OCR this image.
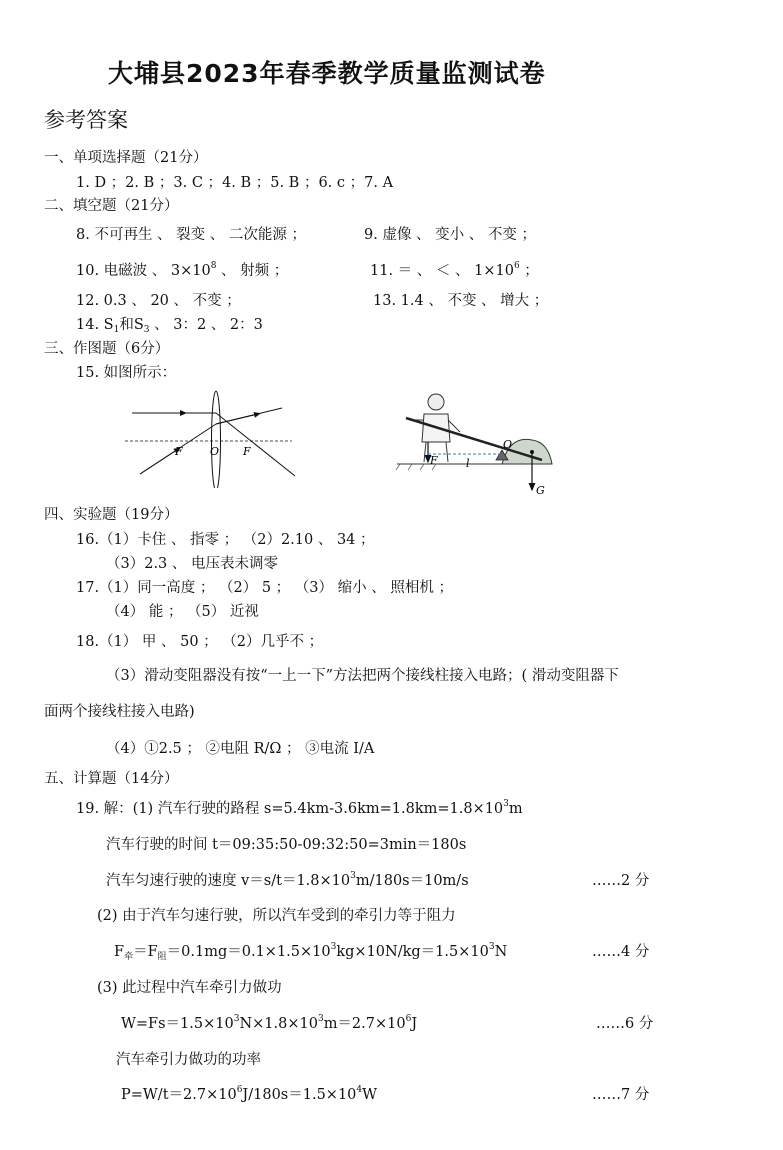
大埔县2023年春季教学质量监测试卷
参考答案
一、单项选择题（21分）
1. D ；2. B ；3. C ；4. B ；5. B ；6. c ；7. A
二、填空题（21分）
8. 不可再生 、 裂变 、 二次能源 ；	9. 虚像 、 变小 、 不变 ；
10. 电磁波 、 $3\times 10^8$ 、 射频 ；	11. ＝ 、 ＜ 、 $1\times 10^6$ ；
12. 0.3 、 20 、 不变 ；	13. 1.4 、 不变 、 增大 ；
14. $S_1$和$S_3$ 、 3：2 、 2：3
三、作图题（6分）
15. 如图所示：
F O F
O
F	l
G
四、实验题（19分）
16.（1）卡住 、 指零 ； （2）2.10 、 34 ；
（3）2.3 、 电压表未调零
17.（1）同一高度 ； （2） 5 ； （3） 缩小 、 照相机 ；
（4） 能 ； （5） 近视
18.（1） 甲 、 50 ； （2）几乎不 ；
（3）滑动变阻器没有按“一上一下”方法把两个接线柱接入电路；( 滑动变阻器下
面两个接线柱接入电路)
（4）①2.5 ； ②电阻 R/Ω ； ③电流 I/A
五、计算题（14分）
19. 解：(1) 汽车行驶的路程 $s=5.4km-3.6km=1.8km=1.8\times 10^3m$
汽车行驶的时间 t＝09:35:50-09:32:50=3min＝180s
汽车匀速行驶的速度 $v=s/t=1.8\times 10^3m/180s=10m/s$	……2 分
(2) 由于汽车匀速行驶，所以汽车受到的牵引力等于阻力
$F_牵=F_阻=0.1mg=0.1\times 1.5\times 10^3kg\times 10N/kg=1.5\times 10^3N$	……4 分
(3) 此过程中汽车牵引力做功
$W=Fs=1.5\times 10^3N\times 1.8\times 10^3m=2.7\times 10^6J$	……6 分
汽车牵引力做功的功率
$P=W/t=2.7\times 10^6J/180s=1.5\times 10^4W$	……7 分
